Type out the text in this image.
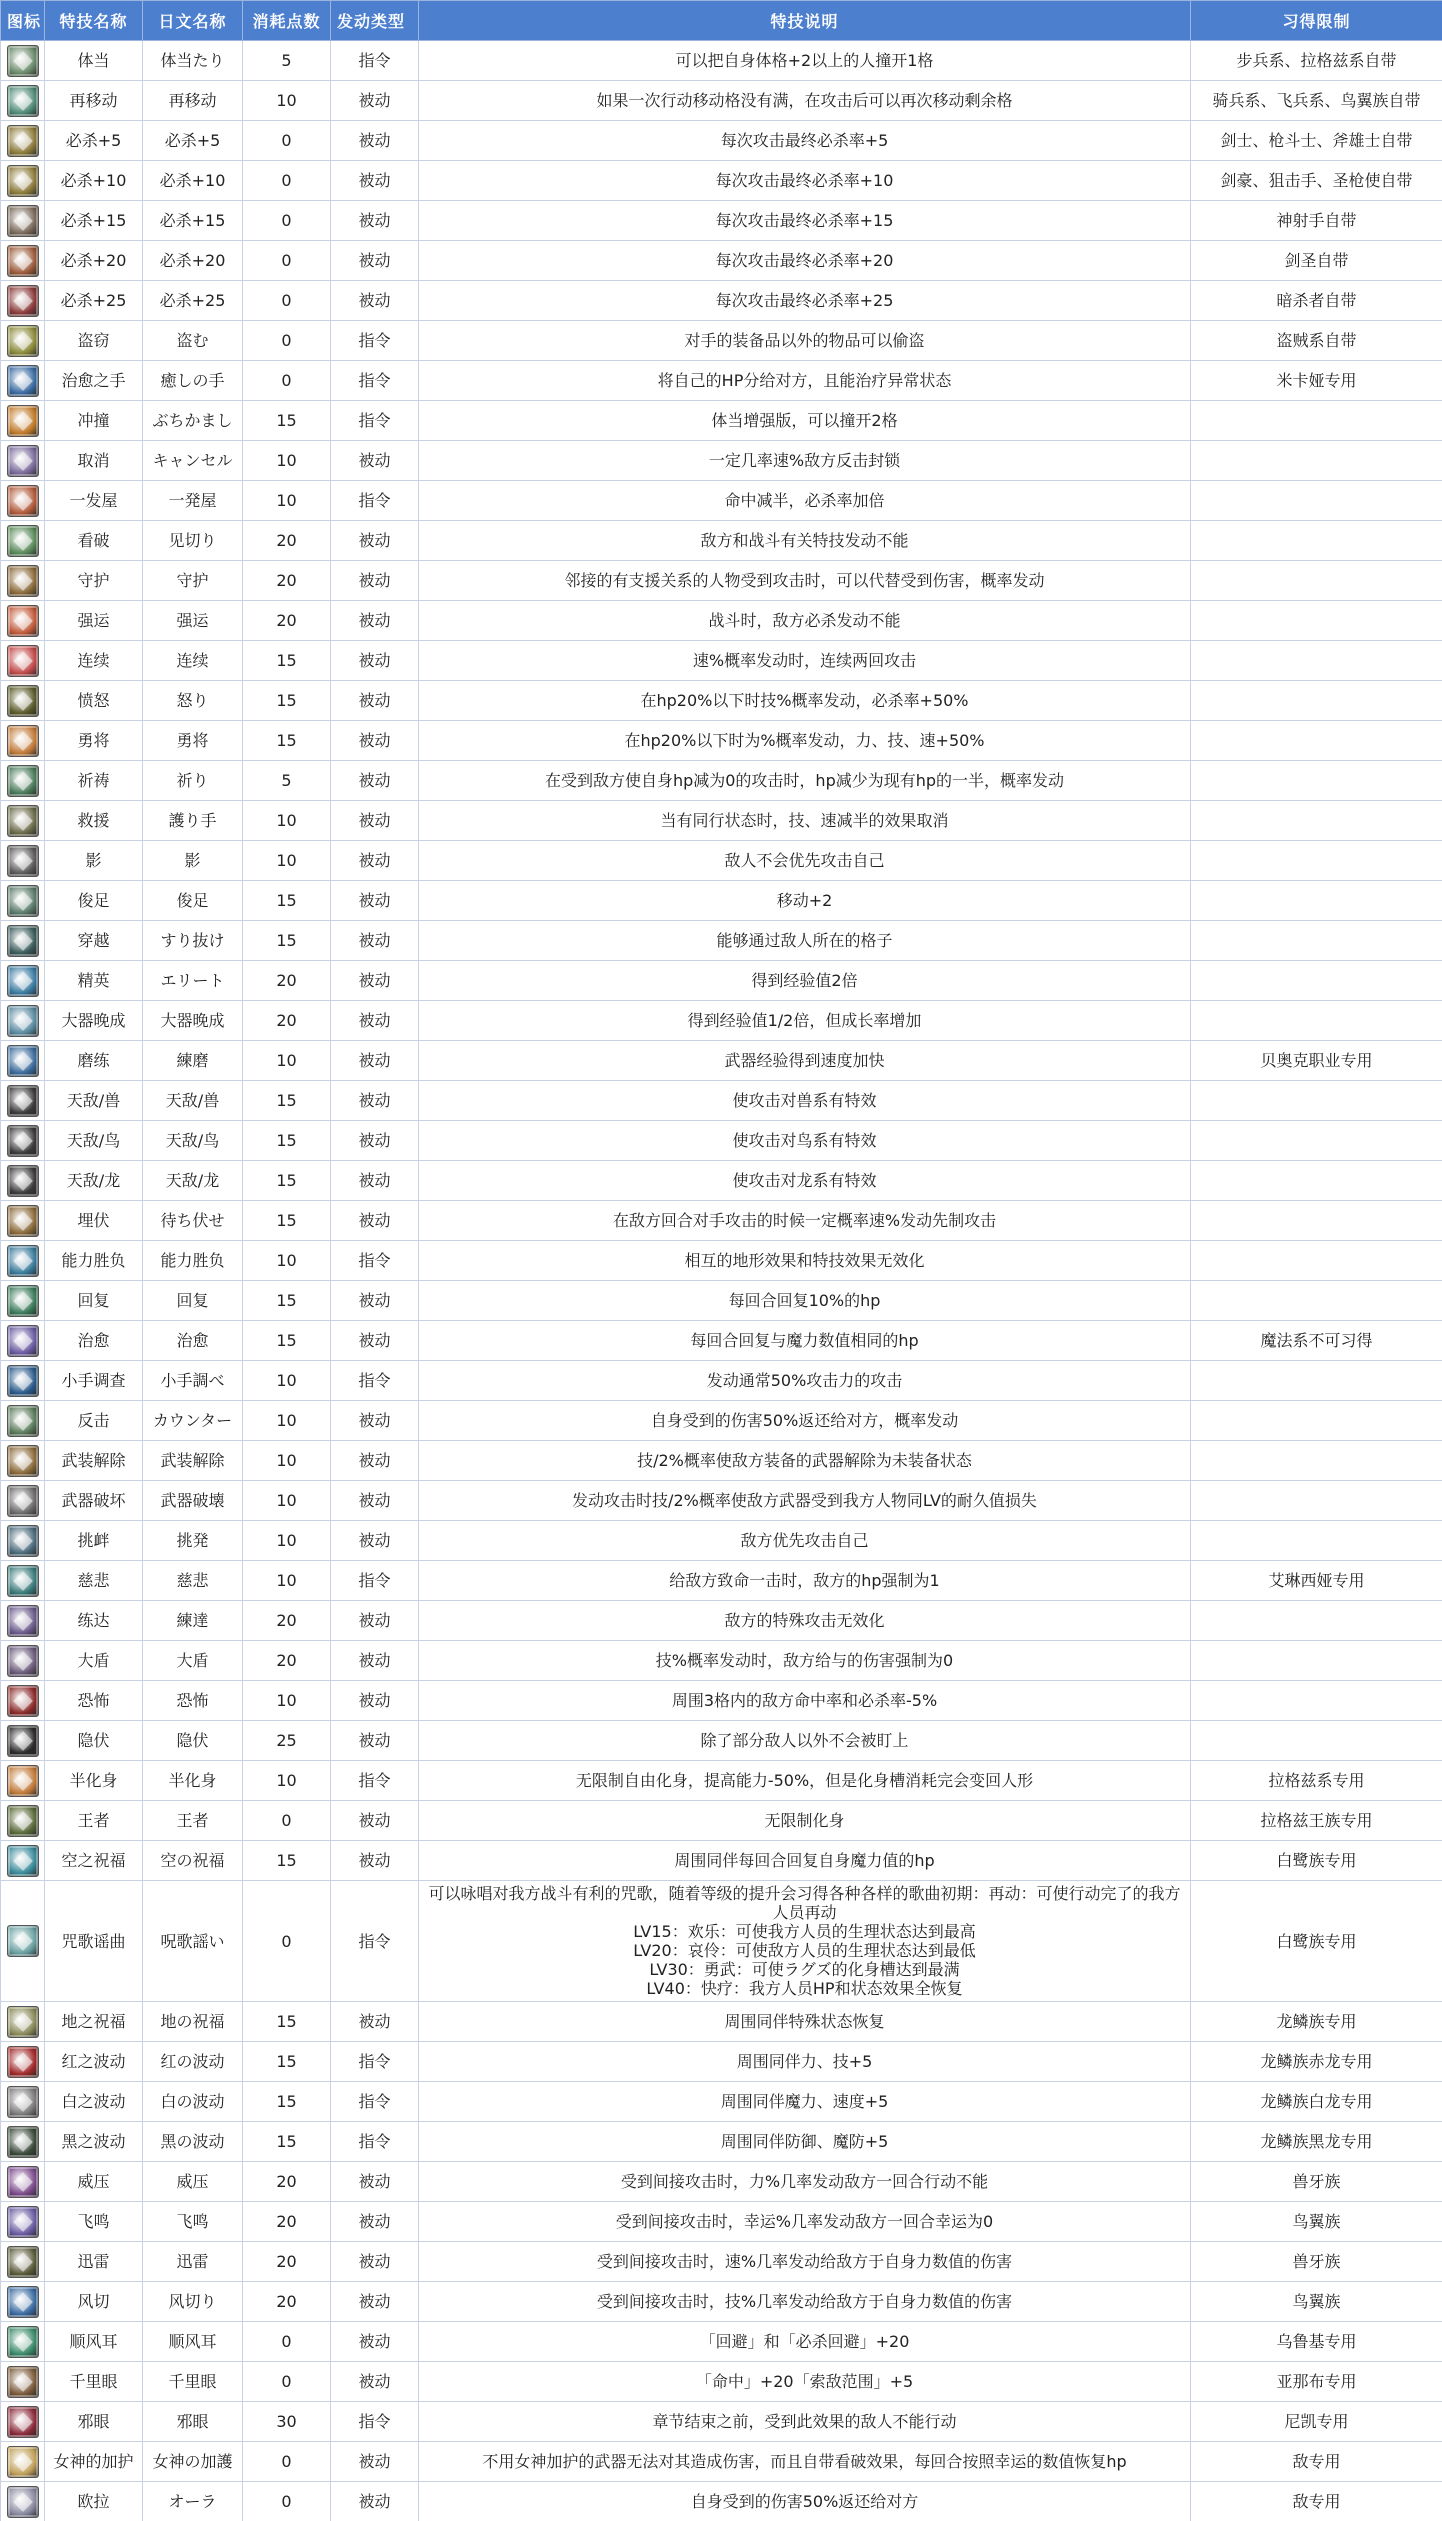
图标	特技名称	日文名称	消耗点数	发动类型	特技说明	习得限制
	体当	体当たり	5	指令	可以把自身体格+2以上的人撞开1格	步兵系、拉格兹系自带
	再移动	再移动	10	被动	如果一次行动移动格没有满，在攻击后可以再次移动剩余格	骑兵系、飞兵系、鸟翼族自带
	必杀+5	必杀+5	0	被动	每次攻击最终必杀率+5	剑士、枪斗士、斧雄士自带
	必杀+10	必杀+10	0	被动	每次攻击最终必杀率+10	剑豪、狙击手、圣枪使自带
	必杀+15	必杀+15	0	被动	每次攻击最终必杀率+15	神射手自带
	必杀+20	必杀+20	0	被动	每次攻击最终必杀率+20	剑圣自带
	必杀+25	必杀+25	0	被动	每次攻击最终必杀率+25	暗杀者自带
	盗窃	盗む	0	指令	对手的装备品以外的物品可以偷盗	盗贼系自带
	治愈之手	癒しの手	0	指令	将自己的HP分给对方，且能治疗异常状态	米卡娅专用
	冲撞	ぶちかまし	15	指令	体当增强版，可以撞开2格	

	取消	キャンセル	10	被动	一定几率速%敌方反击封锁	

	一发屋	一発屋	10	指令	命中减半，必杀率加倍	

	看破	见切り	20	被动	敌方和战斗有关特技发动不能	

	守护	守护	20	被动	邻接的有支援关系的人物受到攻击时，可以代替受到伤害，概率发动	

	强运	强运	20	被动	战斗时，敌方必杀发动不能	

	连续	连续	15	被动	速%概率发动时，连续两回攻击	

	愤怒	怒り	15	被动	在hp20%以下时技%概率发动，必杀率+50%	

	勇将	勇将	15	被动	在hp20%以下时为%概率发动，力、技、速+50%	

	祈祷	祈り	5	被动	在受到敌方使自身hp减为0的攻击时，hp减少为现有hp的一半，概率发动	

	救援	護り手	10	被动	当有同行状态时，技、速减半的效果取消	

	影	影	10	被动	敌人不会优先攻击自己	

	俊足	俊足	15	被动	移动+2	

	穿越	すり抜け	15	被动	能够通过敌人所在的格子	

	精英	エリート	20	被动	得到经验值2倍	

	大器晚成	大器晚成	20	被动	得到经验值1/2倍，但成长率增加	

	磨练	練磨	10	被动	武器经验得到速度加快	贝奥克职业专用
	天敌/兽	天敌/兽	15	被动	使攻击对兽系有特效	

	天敌/鸟	天敌/鸟	15	被动	使攻击对鸟系有特效	

	天敌/龙	天敌/龙	15	被动	使攻击对龙系有特效	

	埋伏	待ち伏せ	15	被动	在敌方回合对手攻击的时候一定概率速%发动先制攻击	

	能力胜负	能力胜负	10	指令	相互的地形效果和特技效果无效化	

	回复	回复	15	被动	每回合回复10%的hp	

	治愈	治愈	15	被动	每回合回复与魔力数值相同的hp	魔法系不可习得
	小手调查	小手調べ	10	指令	发动通常50%攻击力的攻击	

	反击	カウンター	10	被动	自身受到的伤害50%返还给对方，概率发动	

	武装解除	武装解除	10	被动	技/2%概率使敌方装备的武器解除为未装备状态	

	武器破坏	武器破壊	10	被动	发动攻击时技/2%概率使敌方武器受到我方人物同LV的耐久值损失	

	挑衅	挑発	10	被动	敌方优先攻击自己	

	慈悲	慈悲	10	指令	给敌方致命一击时，敌方的hp强制为1	艾琳西娅专用
	练达	練達	20	被动	敌方的特殊攻击无效化	

	大盾	大盾	20	被动	技%概率发动时，敌方给与的伤害强制为0	

	恐怖	恐怖	10	被动	周围3格内的敌方命中率和必杀率-5%	

	隐伏	隐伏	25	被动	除了部分敌人以外不会被盯上	

	半化身	半化身	10	指令	无限制自由化身，提高能力-50%，但是化身槽消耗完会变回人形	拉格兹系专用
	王者	王者	0	被动	无限制化身	拉格兹王族专用
	空之祝福	空の祝福	15	被动	周围同伴每回合回复自身魔力值的hp	白鹭族专用
	咒歌谣曲	呪歌謡い	0	指令	可以咏唱对我方战斗有利的咒歌，随着等级的提升会习得各种各样的歌曲初期：再动：可使行动完了的我方人员再动
LV15：欢乐：可使我方人员的生理状态达到最高
LV20：哀伶：可使敌方人员的生理状态达到最低
LV30：勇武：可使ラグズ的化身槽达到最满
LV40：快疗：我方人员HP和状态效果全恢复	白鹭族专用
	地之祝福	地の祝福	15	被动	周围同伴特殊状态恢复	龙鳞族专用
	红之波动	红の波动	15	指令	周围同伴力、技+5	龙鳞族赤龙专用
	白之波动	白の波动	15	指令	周围同伴魔力、速度+5	龙鳞族白龙专用
	黑之波动	黑の波动	15	指令	周围同伴防御、魔防+5	龙鳞族黑龙专用
	威压	威压	20	被动	受到间接攻击时，力%几率发动敌方一回合行动不能	兽牙族
	飞鸣	飞鸣	20	被动	受到间接攻击时，幸运%几率发动敌方一回合幸运为0	鸟翼族
	迅雷	迅雷	20	被动	受到间接攻击时，速%几率发动给敌方于自身力数值的伤害	兽牙族
	风切	风切り	20	被动	受到间接攻击时，技%几率发动给敌方于自身力数值的伤害	鸟翼族
	顺风耳	顺风耳	0	被动	「回避」和「必杀回避」+20	乌鲁基专用
	千里眼	千里眼	0	被动	「命中」+20「索敌范围」+5	亚那布专用
	邪眼	邪眼	30	指令	章节结束之前，受到此效果的敌人不能行动	尼凯专用
	女神的加护	女神の加護	0	被动	不用女神加护的武器无法对其造成伤害，而且自带看破效果，每回合按照幸运的数值恢复hp	敌专用
	欧拉	オーラ	0	被动	自身受到的伤害50%返还给对方	敌专用
